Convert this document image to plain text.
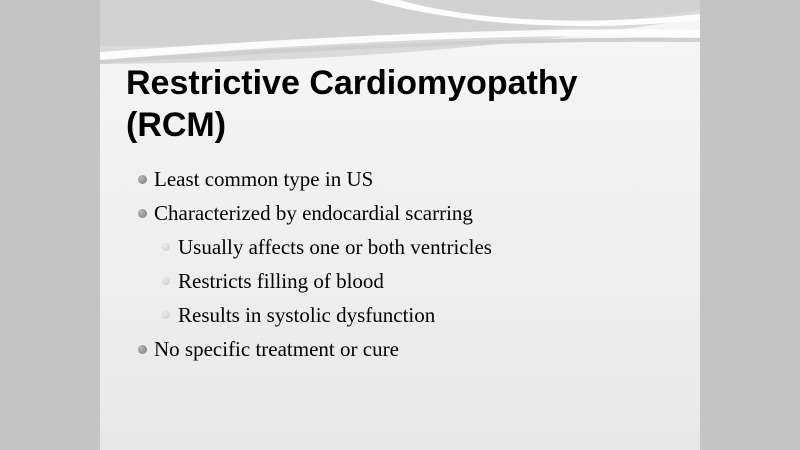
Restrictive Cardiomyopathy
(RCM)
Least common type in US
Characterized by endocardial scarring
Usually affects one or both ventricles
Restricts filling of blood
Results in systolic dysfunction
No specific treatment or cure
